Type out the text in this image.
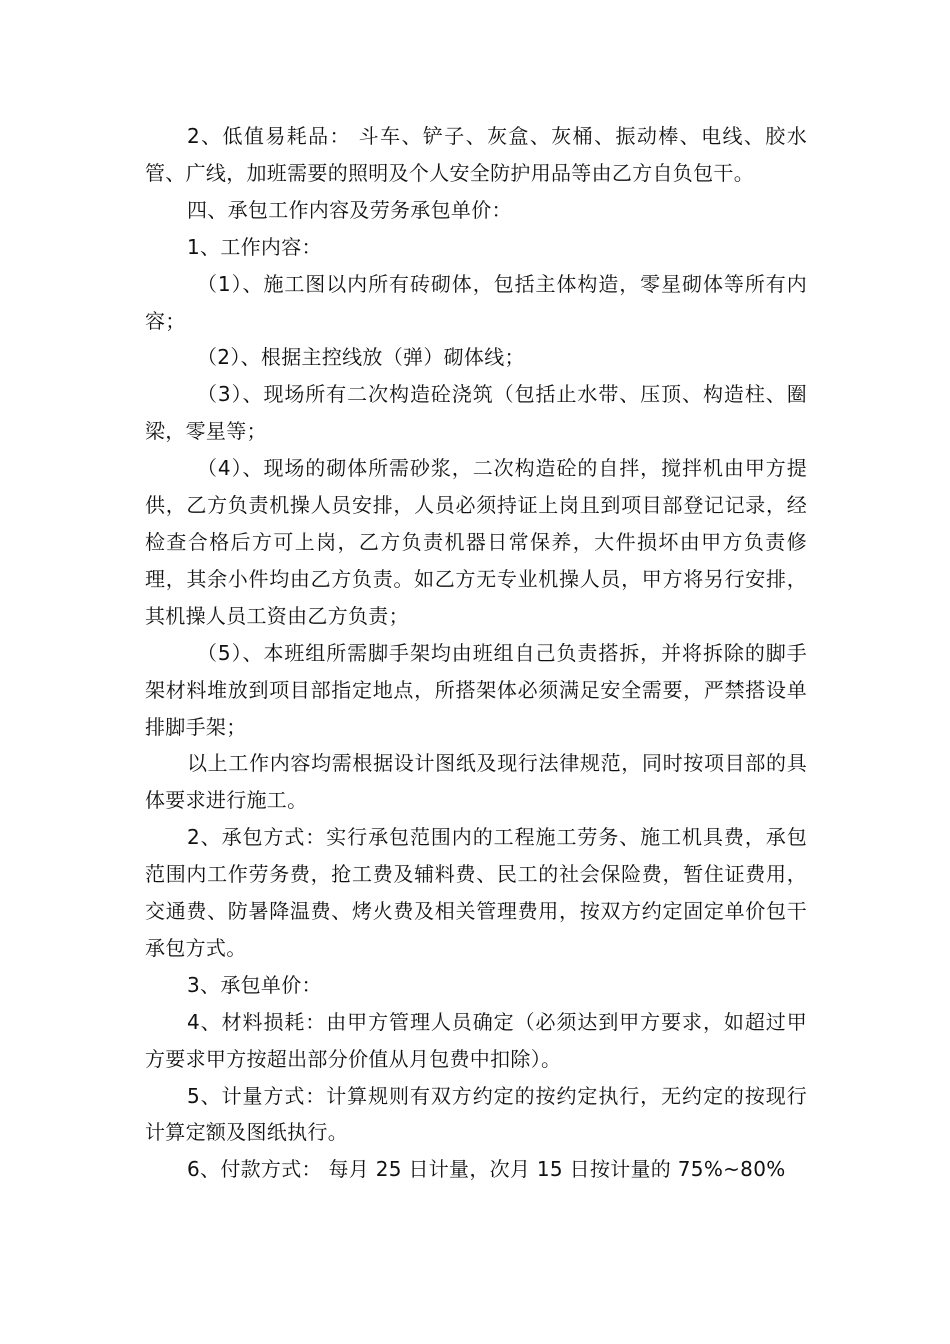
2、低值易耗品： 斗车、铲子、灰盒、灰桶、振动棒、电线、胶水管、广线，加班需要的照明及个人安全防护用品等由乙方自负包干。

四、承包工作内容及劳务承包单价：

1、工作内容：

（1）、施工图以内所有砖砌体，包括主体构造，零星砌体等所有内容；

（2）、根据主控线放（弹）砌体线；

（3）、现场所有二次构造砼浇筑（包括止水带、压顶、构造柱、圈梁，零星等；

（4）、现场的砌体所需砂浆，二次构造砼的自拌，搅拌机由甲方提供，乙方负责机操人员安排，人员必须持证上岗且到项目部登记记录，经检查合格后方可上岗，乙方负责机器日常保养，大件损坏由甲方负责修理，其余小件均由乙方负责。如乙方无专业机操人员，甲方将另行安排，其机操人员工资由乙方负责；

（5）、本班组所需脚手架均由班组自己负责搭拆，并将拆除的脚手架材料堆放到项目部指定地点，所搭架体必须满足安全需要，严禁搭设单排脚手架；

以上工作内容均需根据设计图纸及现行法律规范，同时按项目部的具体要求进行施工。

2、承包方式：实行承包范围内的工程施工劳务、施工机具费，承包范围内工作劳务费，抢工费及辅料费、民工的社会保险费，暂住证费用，交通费、防暑降温费、烤火费及相关管理费用，按双方约定固定单价包干承包方式。

3、承包单价：

4、材料损耗：由甲方管理人员确定（必须达到甲方要求，如超过甲方要求甲方按超出部分价值从月包费中扣除）。

5、计量方式：计算规则有双方约定的按约定执行，无约定的按现行计算定额及图纸执行。

6、付款方式： 每月 25 日计量，次月 15 日按计量的 75%~80%
